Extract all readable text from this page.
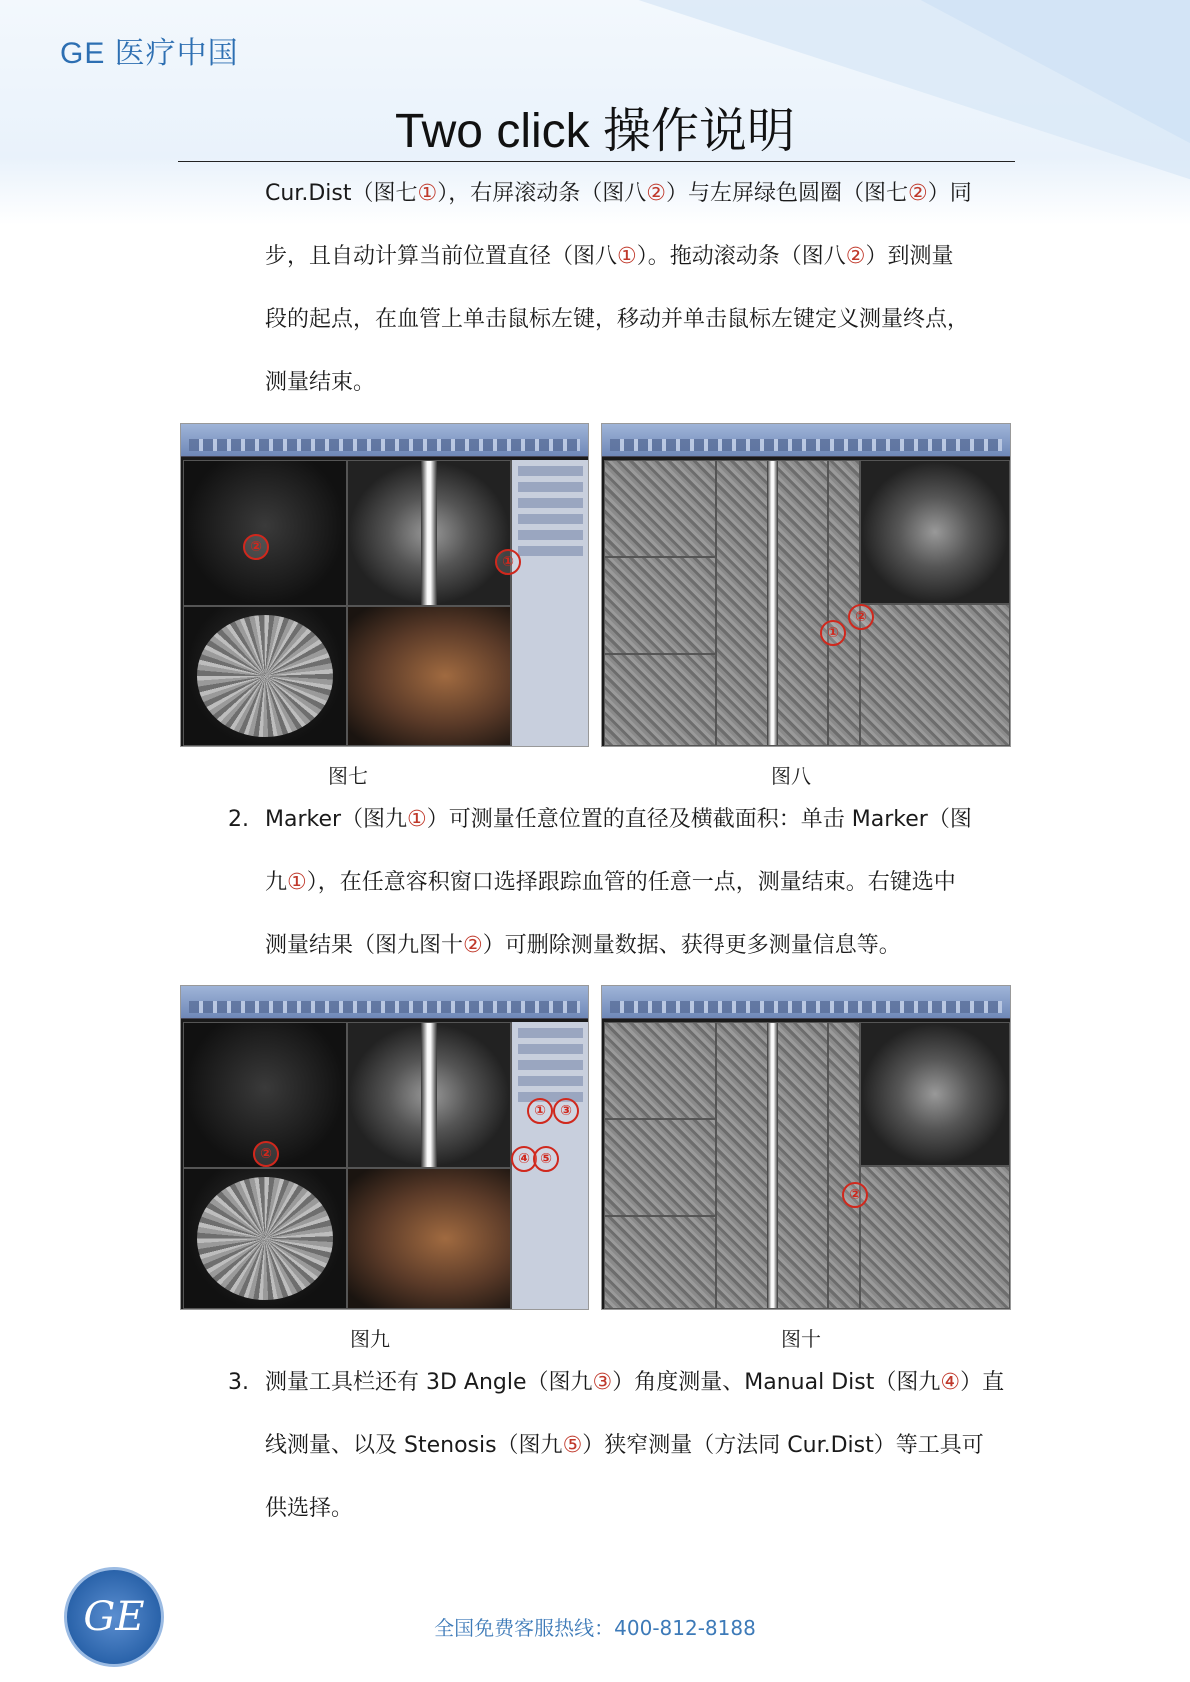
GE 医疗中国
Two click 操作说明
Cur.Dist（图七①），右屏滚动条（图八②）与左屏绿色圆圈（图七②）同
步，且自动计算当前位置直径（图八①）。拖动滚动条（图八②）到测量
段的起点，在血管上单击鼠标左键，移动并单击鼠标左键定义测量终点，
测量结束。
②
①
图七
①
②
图八
2. Marker（图九①）可测量任意位置的直径及横截面积：单击 Marker（图
九①），在任意容积窗口选择跟踪血管的任意一点，测量结束。右键选中
测量结果（图九图十②）可删除测量数据、获得更多测量信息等。
①	③
④ ⑤
②
图九
②
图十
3. 测量工具栏还有 3D Angle（图九③）角度测量、Manual Dist（图九④）直
线测量、以及 Stenosis（图九⑤）狭窄测量（方法同 Cur.Dist）等工具可
供选择。
GE	全国免费客服热线：400-812-8188
